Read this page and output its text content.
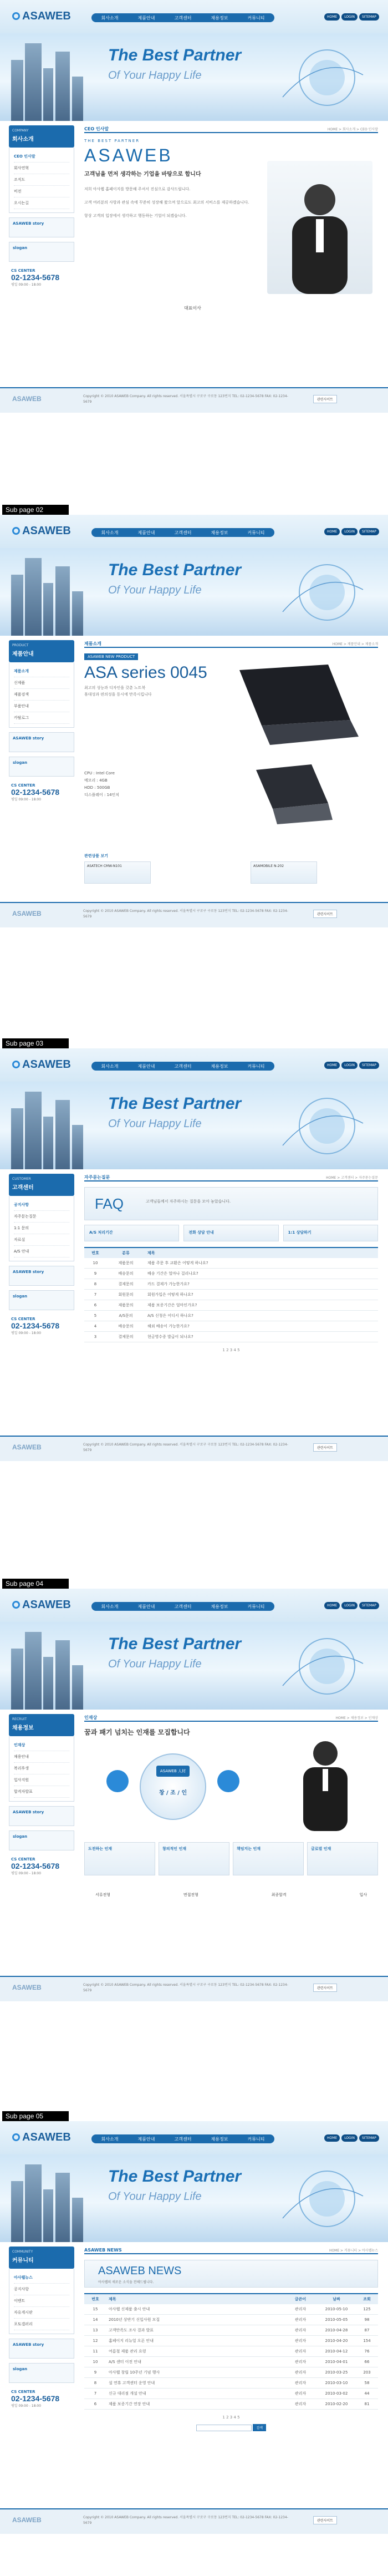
ASAWEB	회사소개	제품안내	고객센터	채용정보	커뮤니티	HOME	LOGIN	SITEMAP
The Best Partner
Of Your Happy Life
COMPANY
회사소개
CEO 인사말
회사연혁
조직도
비전
오시는길
ASAWEB story
slogan
CS CENTER
02-1234-5678
평일 09:00 - 18:00
CEO 인사말	HOME > 회사소개 > CEO 인사말
THE BEST PARTNER
ASAWEB
고객님을 먼저 생각하는 기업을 바탕으로 합니다

저희 아사웹 홈페이지를 방문해 주셔서 진심으로 감사드립니다.

고객 여러분의 사랑과 관심 속에 꾸준히 성장해 왔으며 앞으로도 최고의 서비스를 제공하겠습니다.

항상 고객의 입장에서 생각하고 행동하는 기업이 되겠습니다.

대표이사
ASAWEB	Copyright © 2010 ASAWEB Company. All rights reserved. 서울특별시 구로구 구로동 123번지 TEL: 02-1234-5678 FAX: 02-1234-5679
관련사이트
ASAWEB	회사소개	제품안내	고객센터	채용정보	커뮤니티	HOME	LOGIN	SITEMAP
The Best Partner
Of Your Happy Life
PRODUCT
제품안내
제품소개
신제품
제품검색
부품안내
카탈로그
ASAWEB story
slogan
CS CENTER
02-1234-5678
평일 09:00 - 18:00
제품소개	HOME > 제품안내 > 제품소개
ASAWEB NEW PRODUCT
ASA series 0045

최고의 성능과 디자인을 갖춘 노트북

휴대성과 편의성을 동시에 만족시킵니다

CPU : Intel Core

메모리 : 4GB

HDD : 500GB

디스플레이 : 14인치

관련상품 보기
ASATECH CMW-N101	ASAMOBILE N-202
ASAWEB	Copyright © 2010 ASAWEB Company. All rights reserved. 서울특별시 구로구 구로동 123번지 TEL: 02-1234-5678 FAX: 02-1234-5679
관련사이트
ASAWEB	회사소개	제품안내	고객센터	채용정보	커뮤니티	HOME	LOGIN	SITEMAP
The Best Partner
Of Your Happy Life
CUSTOMER
고객센터
공지사항
자주묻는질문
1:1 문의
자료실
A/S 안내
ASAWEB story
slogan
CS CENTER
02-1234-5678
평일 09:00 - 18:00
자주묻는질문	HOME > 고객센터 > 자주묻는질문
FAQ	고객님들께서 자주하시는 질문을 모아 놓았습니다.
A/S 처리기간	전화 상담 안내	1:1 상담하기
번호	분류	제목
10	제품문의	제품 주문 후 교환은 어떻게 하나요?
9	배송문의	배송 기간은 얼마나 걸리나요?
8	결제문의	카드 결제가 가능한가요?
7	회원문의	회원가입은 어떻게 하나요?
6	제품문의	제품 보증기간은 얼마인가요?
5	A/S문의	A/S 신청은 어디서 하나요?
4	배송문의	해외 배송이 가능한가요?
3	결제문의	현금영수증 발급이 되나요?
1 2 3 4 5
ASAWEB	Copyright © 2010 ASAWEB Company. All rights reserved. 서울특별시 구로구 구로동 123번지 TEL: 02-1234-5678 FAX: 02-1234-5679
관련사이트
ASAWEB	회사소개	제품안내	고객센터	채용정보	커뮤니티	HOME	LOGIN	SITEMAP
The Best Partner
Of Your Happy Life
RECRUIT
채용정보
인재상
채용안내
복리후생
입사지원
합격자발표
ASAWEB story
slogan
CS CENTER
02-1234-5678
평일 09:00 - 18:00
인재상	HOME > 채용정보 > 인재상
꿈과 패기 넘치는 인재를 모집합니다
ASAWEB 人材
창 / 조 / 인
도전하는 인재	창의적인 인재	책임지는 인재	글로벌 인재
서류전형	면접전형	최종합격	입사
ASAWEB	Copyright © 2010 ASAWEB Company. All rights reserved. 서울특별시 구로구 구로동 123번지 TEL: 02-1234-5678 FAX: 02-1234-5679
관련사이트
ASAWEB	회사소개	제품안내	고객센터	채용정보	커뮤니티	HOME	LOGIN	SITEMAP
The Best Partner
Of Your Happy Life
COMMUNITY
커뮤니티
아사웹뉴스
공지사항
이벤트
자유게시판
포토갤러리
ASAWEB story
slogan
CS CENTER
02-1234-5678
평일 09:00 - 18:00
ASAWEB NEWS	HOME > 커뮤니티 > 아사웹뉴스
ASAWEB NEWS
아사웹의 새로운 소식을 전해드립니다.
번호	제목	글쓴이	날짜	조회
15	아사웹 신제품 출시 안내	관리자	2010-05-10	125
14	2010년 상반기 신입사원 모집	관리자	2010-05-05	98
13	고객만족도 조사 결과 발표	관리자	2010-04-28	87
12	홈페이지 리뉴얼 오픈 안내	관리자	2010-04-20	154
11	여름철 제품 관리 요령	관리자	2010-04-12	76
10	A/S 센터 이전 안내	관리자	2010-04-01	66
9	아사웹 창립 10주년 기념 행사	관리자	2010-03-25	203
8	설 연휴 고객센터 운영 안내	관리자	2010-03-10	58
7	신규 대리점 개설 안내	관리자	2010-03-02	44
6	제품 보증기간 연장 안내	관리자	2010-02-20	81
1 2 3 4 5
검색
ASAWEB	Copyright © 2010 ASAWEB Company. All rights reserved. 서울특별시 구로구 구로동 123번지 TEL: 02-1234-5678 FAX: 02-1234-5679
관련사이트
Sub page 02
Sub page 03
Sub page 04
Sub page 05
